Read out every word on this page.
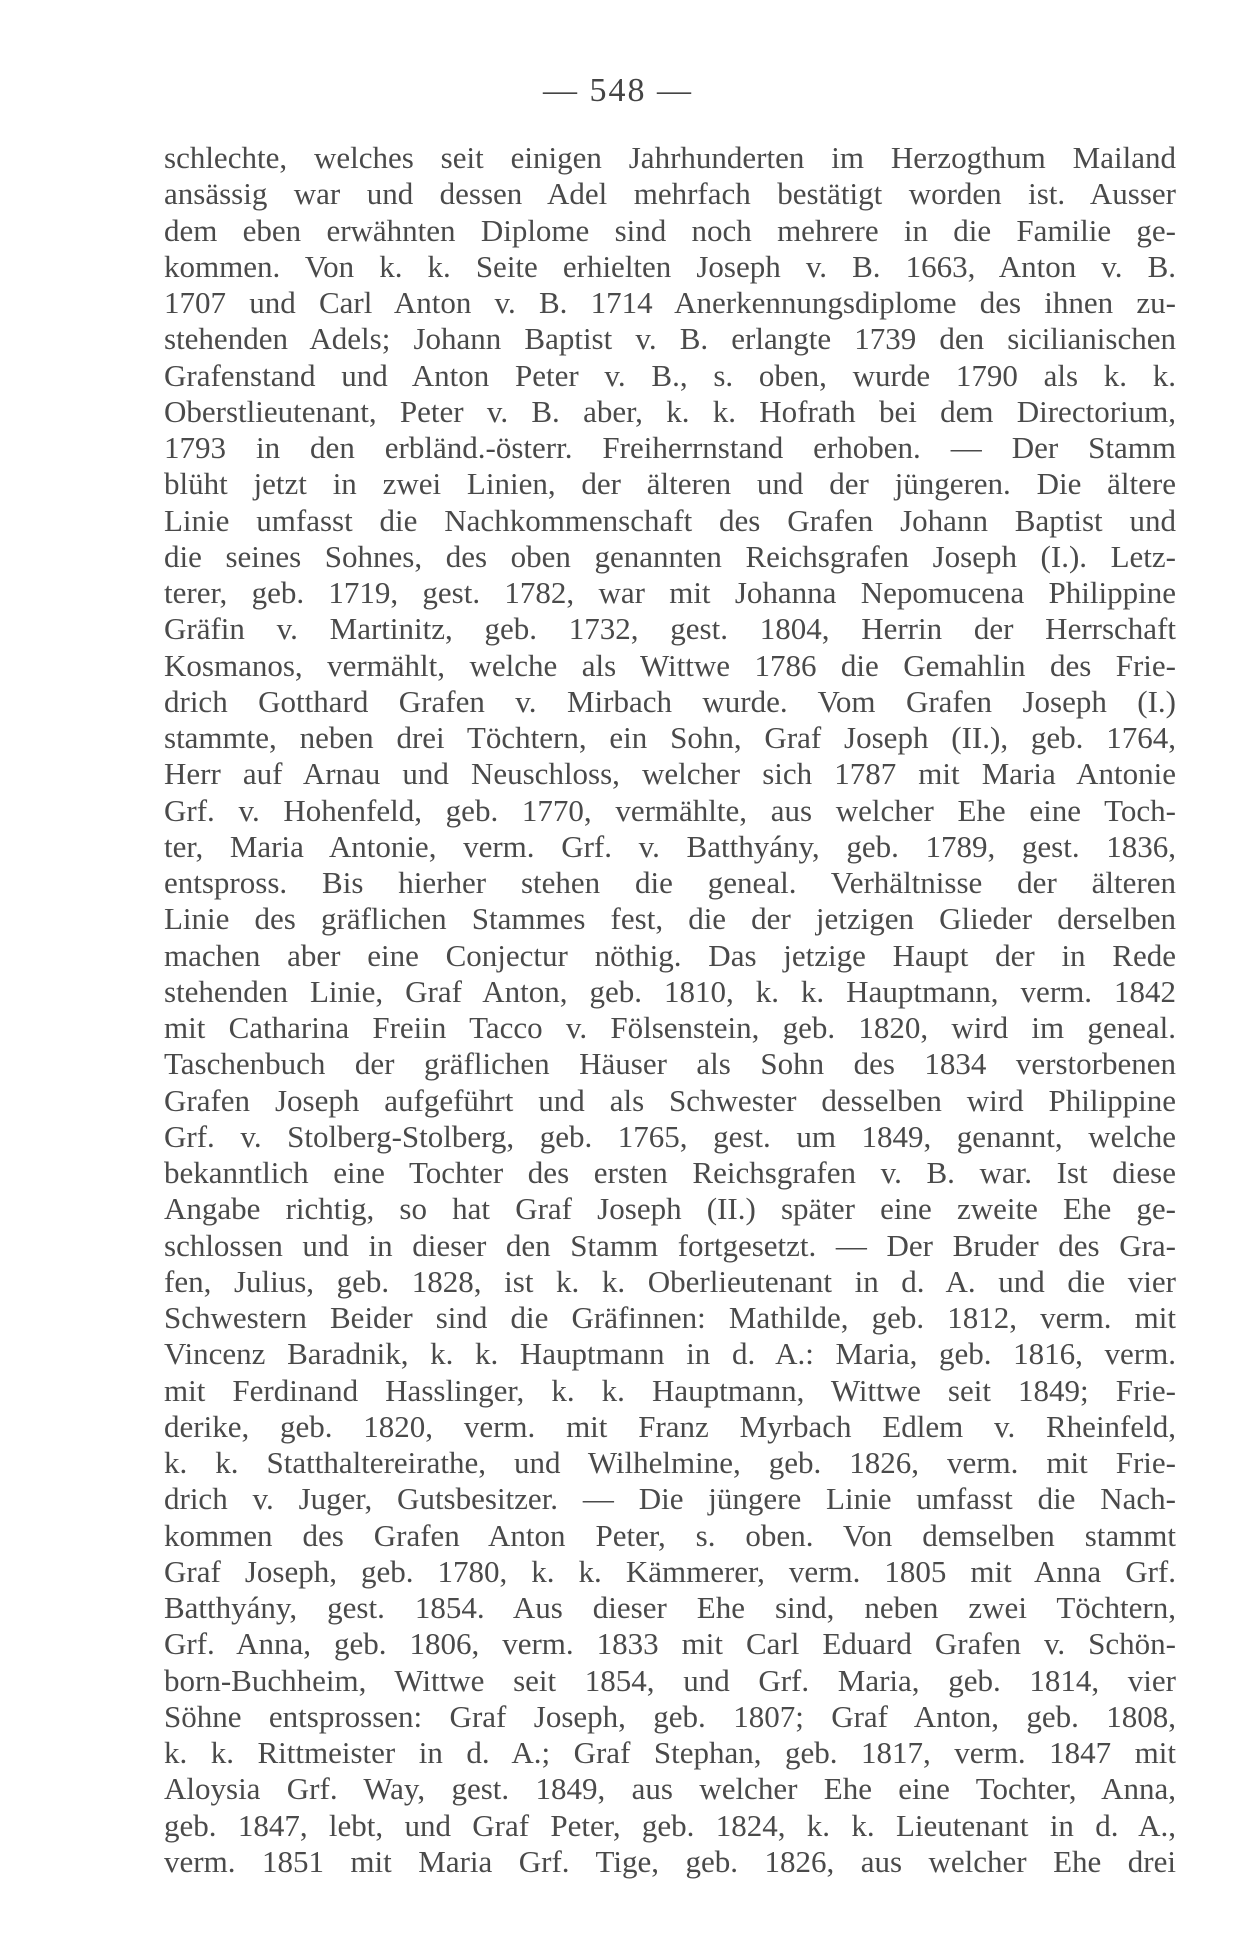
— 548 —
schlechte, welches seit einigen Jahrhunderten im Herzogthum Mailand
ansässig war und dessen Adel mehrfach bestätigt worden ist. Ausser
dem eben erwähnten Diplome sind noch mehrere in die Familie ge-
kommen. Von k. k. Seite erhielten Joseph v. B. 1663, Anton v. B.
1707 und Carl Anton v. B. 1714 Anerkennungsdiplome des ihnen zu-
stehenden Adels; Johann Baptist v. B. erlangte 1739 den sicilianischen
Grafenstand und Anton Peter v. B., s. oben, wurde 1790 als k. k.
Oberstlieutenant, Peter v. B. aber, k. k. Hofrath bei dem Directorium,
1793 in den erbländ.-österr. Freiherrnstand erhoben. — Der Stamm
blüht jetzt in zwei Linien, der älteren und der jüngeren. Die ältere
Linie umfasst die Nachkommenschaft des Grafen Johann Baptist und
die seines Sohnes, des oben genannten Reichsgrafen Joseph (I.). Letz-
terer, geb. 1719, gest. 1782, war mit Johanna Nepomucena Philippine
Gräfin v. Martinitz, geb. 1732, gest. 1804, Herrin der Herrschaft
Kosmanos, vermählt, welche als Wittwe 1786 die Gemahlin des Frie-
drich Gotthard Grafen v. Mirbach wurde. Vom Grafen Joseph (I.)
stammte, neben drei Töchtern, ein Sohn, Graf Joseph (II.), geb. 1764,
Herr auf Arnau und Neuschloss, welcher sich 1787 mit Maria Antonie
Grf. v. Hohenfeld, geb. 1770, vermählte, aus welcher Ehe eine Toch-
ter, Maria Antonie, verm. Grf. v. Batthyány, geb. 1789, gest. 1836,
entspross. Bis hierher stehen die geneal. Verhältnisse der älteren
Linie des gräflichen Stammes fest, die der jetzigen Glieder derselben
machen aber eine Conjectur nöthig. Das jetzige Haupt der in Rede
stehenden Linie, Graf Anton, geb. 1810, k. k. Hauptmann, verm. 1842
mit Catharina Freiin Tacco v. Fölsenstein, geb. 1820, wird im geneal.
Taschenbuch der gräflichen Häuser als Sohn des 1834 verstorbenen
Grafen Joseph aufgeführt und als Schwester desselben wird Philippine
Grf. v. Stolberg-Stolberg, geb. 1765, gest. um 1849, genannt, welche
bekanntlich eine Tochter des ersten Reichsgrafen v. B. war. Ist diese
Angabe richtig, so hat Graf Joseph (II.) später eine zweite Ehe ge-
schlossen und in dieser den Stamm fortgesetzt. — Der Bruder des Gra-
fen, Julius, geb. 1828, ist k. k. Oberlieutenant in d. A. und die vier
Schwestern Beider sind die Gräfinnen: Mathilde, geb. 1812, verm. mit
Vincenz Baradnik, k. k. Hauptmann in d. A.: Maria, geb. 1816, verm.
mit Ferdinand Hasslinger, k. k. Hauptmann, Wittwe seit 1849; Frie-
derike, geb. 1820, verm. mit Franz Myrbach Edlem v. Rheinfeld,
k. k. Statthaltereirathe, und Wilhelmine, geb. 1826, verm. mit Frie-
drich v. Juger, Gutsbesitzer. — Die jüngere Linie umfasst die Nach-
kommen des Grafen Anton Peter, s. oben. Von demselben stammt
Graf Joseph, geb. 1780, k. k. Kämmerer, verm. 1805 mit Anna Grf.
Batthyány, gest. 1854. Aus dieser Ehe sind, neben zwei Töchtern,
Grf. Anna, geb. 1806, verm. 1833 mit Carl Eduard Grafen v. Schön-
born-Buchheim, Wittwe seit 1854, und Grf. Maria, geb. 1814, vier
Söhne entsprossen: Graf Joseph, geb. 1807; Graf Anton, geb. 1808,
k. k. Rittmeister in d. A.; Graf Stephan, geb. 1817, verm. 1847 mit
Aloysia Grf. Way, gest. 1849, aus welcher Ehe eine Tochter, Anna,
geb. 1847, lebt, und Graf Peter, geb. 1824, k. k. Lieutenant in d. A.,
verm. 1851 mit Maria Grf. Tige, geb. 1826, aus welcher Ehe drei
